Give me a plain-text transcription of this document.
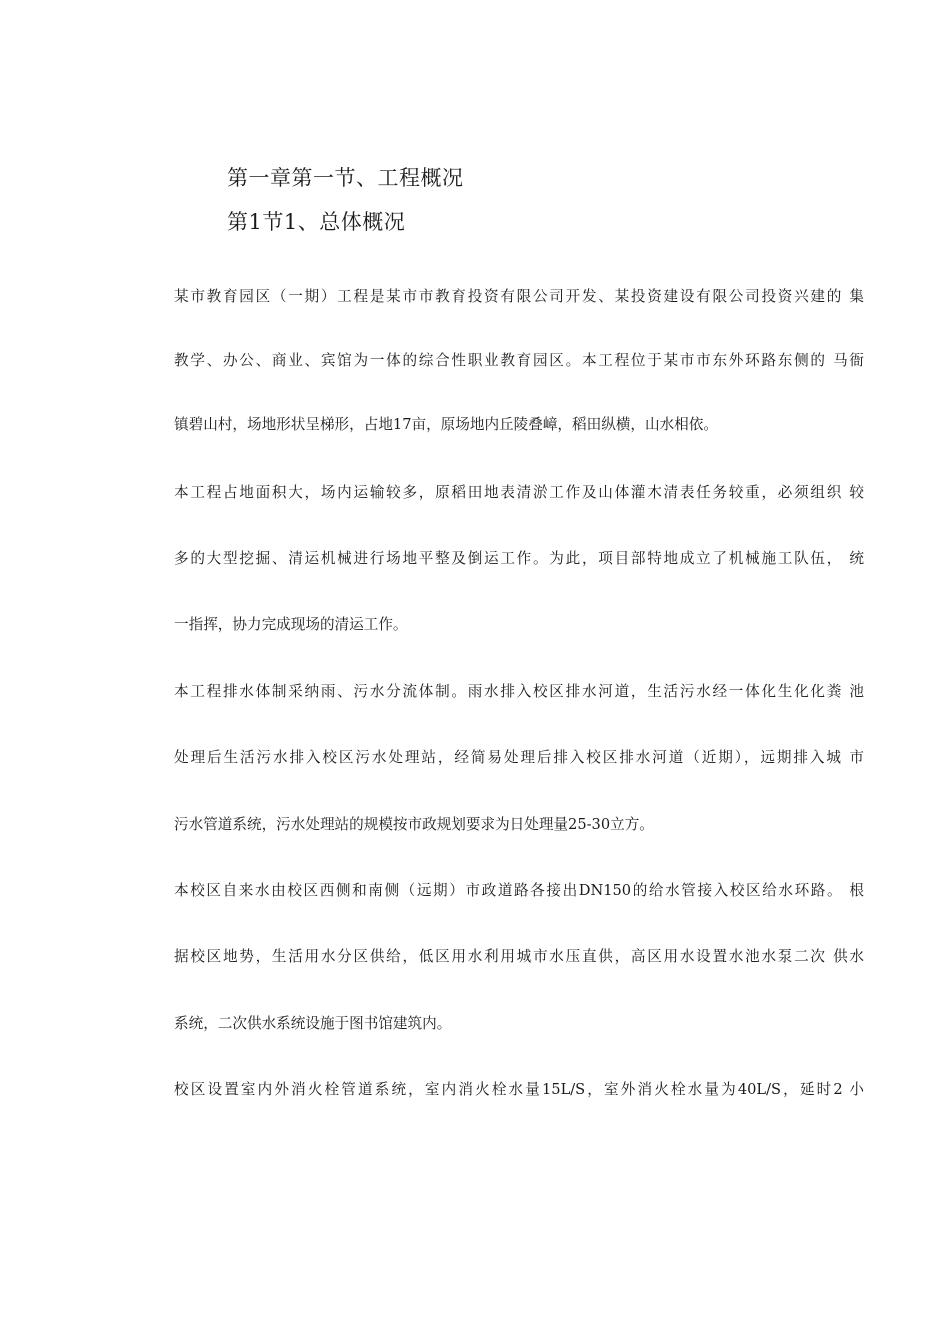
第一章第一节、工程概况
第1节1、总体概况
某市教育园区（一期）工程是某市市教育投资有限公司开发、某投资建设有限公司投资兴建的 集
教学、办公、商业、宾馆为一体的综合性职业教育园区。本工程位于某市市东外环路东侧的 马衙
镇碧山村，场地形状呈梯形，占地17亩，原场地内丘陵叠嶂，稻田纵横，山水相依。
本工程占地面积大，场内运输较多，原稻田地表清淤工作及山体灌木清表任务较重，必须组织 较
多的大型挖掘、清运机械进行场地平整及倒运工作。为此，项目部特地成立了机械施工队伍， 统
一指挥，协力完成现场的清运工作。
本工程排水体制采纳雨、污水分流体制。雨水排入校区排水河道，生活污水经一体化生化化粪 池
处理后生活污水排入校区污水处理站，经简易处理后排入校区排水河道（近期），远期排入城 市
污水管道系统，污水处理站的规模按市政规划要求为日处理量25-30立方。
本校区自来水由校区西侧和南侧（远期）市政道路各接出DN150的给水管接入校区给水环路。 根
据校区地势，生活用水分区供给，低区用水利用城市水压直供，高区用水设置水池水泵二次 供水
系统，二次供水系统设施于图书馆建筑内。
校区设置室内外消火栓管道系统，室内消火栓水量15L/S，室外消火栓水量为40L/S，延时2 小
